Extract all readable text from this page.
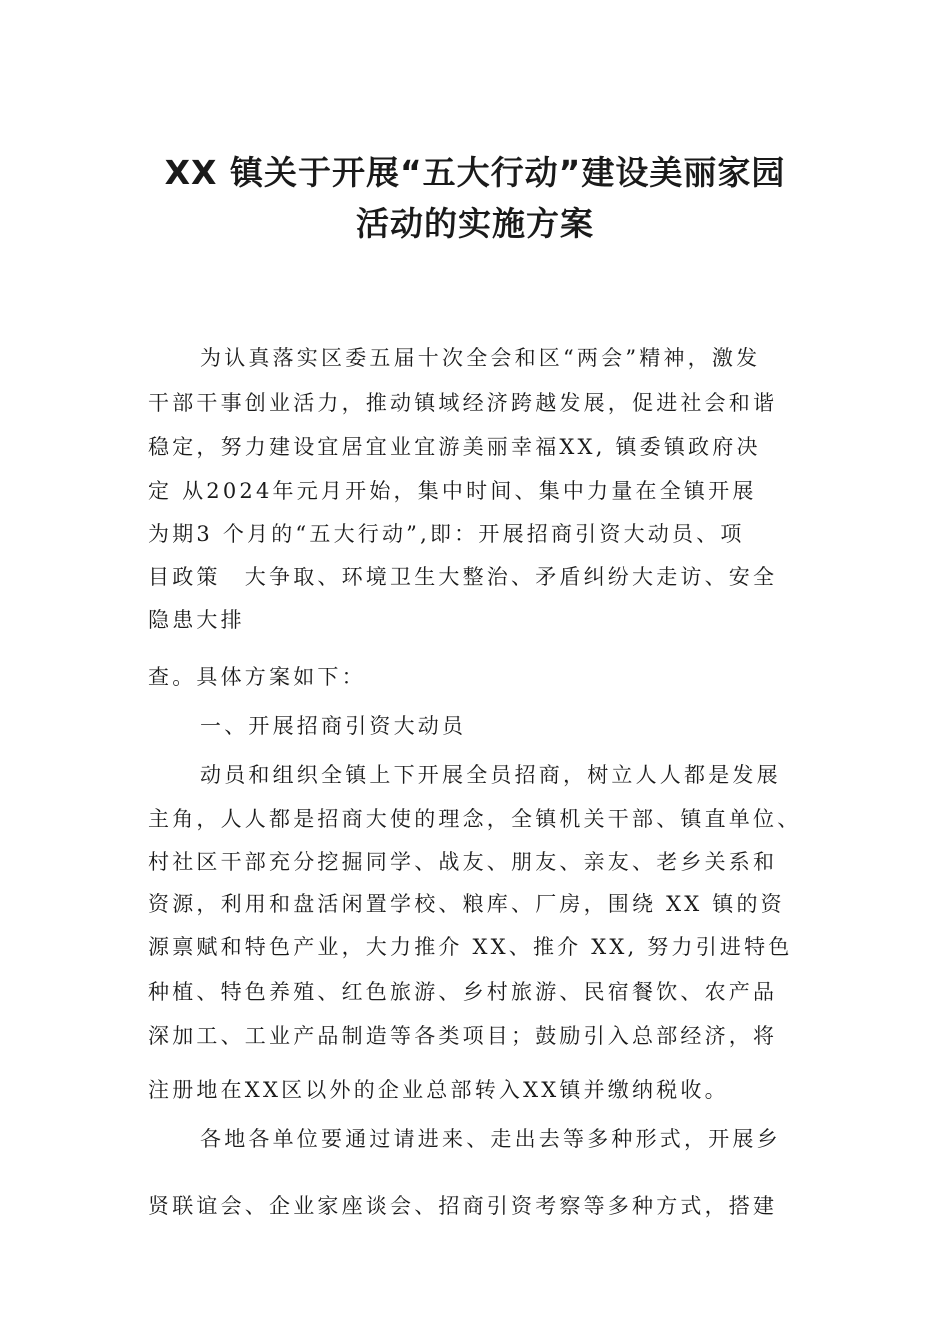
XX 镇关于开展“五大行动”建设美丽家园
活动的实施方案
为认真落实区委五届十次全会和区“两会”精神，激发
干部干事创业活力，推动镇域经济跨越发展，促进社会和谐
稳定，努力建设宜居宜业宜游美丽幸福XX, 镇委镇政府决
定 从2024年元月开始，集中时间、集中力量在全镇开展
为期3 个月的“五大行动”,即：开展招商引资大动员、项
目政策　大争取、环境卫生大整治、矛盾纠纷大走访、安全
隐患大排
查。具体方案如下：
一、开展招商引资大动员
动员和组织全镇上下开展全员招商，树立人人都是发展
主角，人人都是招商大使的理念，全镇机关干部、镇直单位、
村社区干部充分挖掘同学、战友、朋友、亲友、老乡关系和
资源，利用和盘活闲置学校、粮库、厂房，围绕 XX 镇的资
源禀赋和特色产业，大力推介 XX、推介 XX, 努力引进特色
种植、特色养殖、红色旅游、乡村旅游、民宿餐饮、农产品
深加工、工业产品制造等各类项目；鼓励引入总部经济，将
注册地在XX区以外的企业总部转入XX镇并缴纳税收。
各地各单位要通过请进来、走出去等多种形式，开展乡
贤联谊会、企业家座谈会、招商引资考察等多种方式，搭建
